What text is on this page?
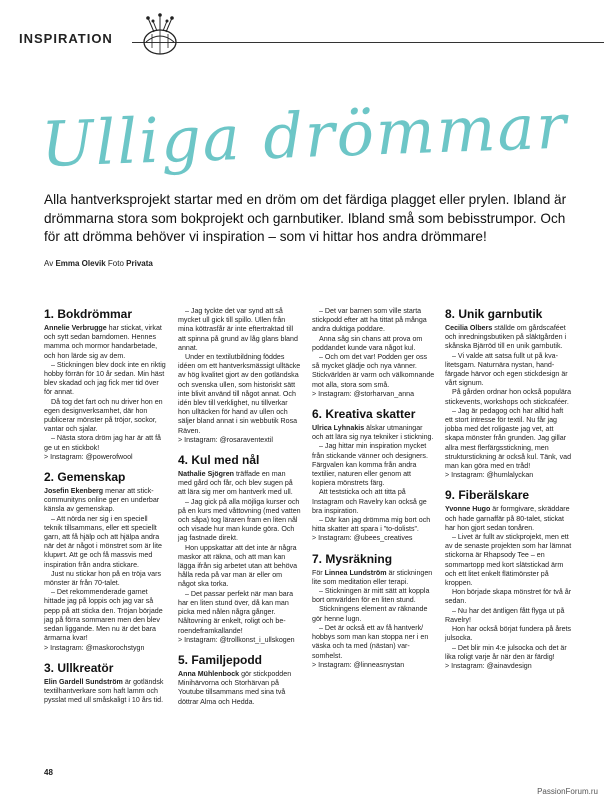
INSPIRATION
Ulliga drömmar
Alla hantverksprojekt startar med en dröm om det färdiga plagget eller prylen. Ibland är drömmarna stora som bokprojekt och garnbutiker. Ibland små som bebisstrumpor. Och för att drömma behöver vi inspiration – som vi hittar hos andra drömmare!
Av Emma Olevik Foto Privata
1. Bokdrömmar

Annelie Verbrugge har stickat, virkat och sytt sedan barndomen. Hennes mamma och mormor handarbetade, och hon lärde sig av dem.

– Stickningen blev dock inte en riktig hobby förrän för 10 år sedan. Min häst blev skadad och jag fick mer tid över för annat.

Då tog det fart och nu driver hon en egen designverksamhet, där hon publicerar mönster på tröjor, sockor, vantar och sjalar.

– Nästa stora dröm jag har är att få ge ut en stickbok!

> Instagram: @powerofwool

2. Gemenskap

Josefin Ekenberg menar att stickcommunityns online ger en underbar känsla av gemenskap.

– Att nörda ner sig i en speciell teknik tillsammans, eller ett speciellt garn, att få hjälp och att hjälpa andra när det är något i mönstret som är lite kluригt. Att ge och få massvis med inspiration från andra stickare.

Just nu stickar hon på en tröja vars mönster är från 70-talet.

– Det rekommenderade garnet hittade jag på loppis och jag var så pepp på att sticka den. Tröjan började jag på förra sommaren men den blev sedan liggande. Men nu är det bara ärmarna kvar!

> Instagram: @maskorochstygn

3. Ullkreatör

Elin Gardell Sundström är gotländsk textilhantverkare som haft lamm och pysslat med ull småskaligt i 10 års tid.

– Jag tyckte det var synd att så mycket ull gick till spillo. Ullen från mina köttrasfår är inte eftertraktad till att spinna på grund av låg glans bland annat.

Under en textilutbildning föddes idéen om ett hantverksmässigt ulltäcke av hög kvalitet gjort av den gotländska och svenska ullen, som historiskt sätt inte blivit använd till något annat. Och idén blev till verklighet, nu tillverkar hon ulltäcken för hand av ullen och säljer bland annat i sin webbutik Rosa Räven.

> Instagram: @rosaraventextil

4. Kul med nål

Nathalie Sjögren träffade en man med gård och får, och blev sugen på att lära sig mer om hantverk med ull.

– Jag gick på alla möjliga kurser och på en kurs med våttovning (med vatten och såpa) tog läraren fram en liten nål och visade hur man kunde göra. Och jag fastnade direkt.

Hon uppskattar att det inte är några maskor att räkna, och att man kan lägga ifrån sig arbetet utan att behöva hålla reda på var man är eller om något ska torka.

– Det passar perfekt när man bara har en liten stund över, då kan man picka med nålen några gånger. Nåltovning är enkelt, roligt och beroendeframkallande!

> Instagram: @trollkonst_i_ullskogen

5. Familjepodd

Anna Mühlenbock gör stickpodden Minihärvorna och Storhärvan på Youtube tillsammans med sina två döttrar Alma och Hedda.

– Det var barnen som ville starta stickpodd efter att ha tittat på många andra duktiga poddare.

Anna såg sin chans att prova om poddandet kunde vara något kul.

– Och om det var! Podden ger oss så mycket glädje och nya vänner. Stickvärlden är varm och välkomnande mot alla, stora som små.

> Instagram: @storharvan_anna

6. Kreativa skatter

Ulrica Lyhnakis älskar utmaningar och att lära sig nya tekniker i stickning.

– Jag hittar min inspiration mycket från stickande vänner och designers. Färgvalen kan komma från andra textilier, naturen eller genom att kopiera mönstrets färg.

Att teststicka och att titta på Instagram och Ravelry kan också ge bra inspiration.

– Där kan jag drömma mig bort och hitta skatter att spara i ”to-dolists”.

> Instagram: @ubees_creatives

7. Mysräkning

För Linnea Lundström är stickningen lite som meditation eller terapi.

– Stickningen är mitt sätt att koppla bort omvärlden för en liten stund.

Stickningens element av räknande gör henne lugn.

– Det är också ett av få hantverk/ hobbys som man kan stoppa ner i en väska och ta med (nästan) varsomhelst.

> Instagram: @linneasnystan

8. Unik garnbutik

Cecilia Olbers ställde om gårdscaféet och inredningsbutiken på släktgården i skånska Bjärröd till en unik garnbutik.

– Vi valde att satsa fullt ut på kvalitetsgarn. Naturnära nystan, handfärgade härvor och egen stickdesign är vårt signum.

På gården ordnar hon också populära stickevents, workshops och stickcaféer.

– Jag är pedagog och har alltid haft ett stort intresse för textil. Nu får jag jobba med det roligaste jag vet, att skapa mönster från grunden. Jag gillar allra mest flerfärgsstickning, men strukturstickning är också kul. Tänk, vad man kan göra med en tråd!

> Instagram: @humlalyckan

9. Fiberälskare

Yvonne Hugo är formgivare, skräddare och hade garnaffär på 80-talet, stickat har hon gjort sedan tonåren.

– Livet är fullt av stickprojekt, men ett av de senaste projekten som har lämnat stickorna är Rhapsody Tee – en sommartopp med kort slätstickad ärm och ett litet enkelt flätimönster på kroppen.

Hon började skapa mönstret för två år sedan.

– Nu har det äntligen fått flyga ut på Ravelry!

Hon har också börjat fundera på årets julsocka.

– Det blir min 4:e julsocka och det är lika roligt varje år när den är färdig!

> Instagram: @ainavdesign

48
PassionForum.ru
